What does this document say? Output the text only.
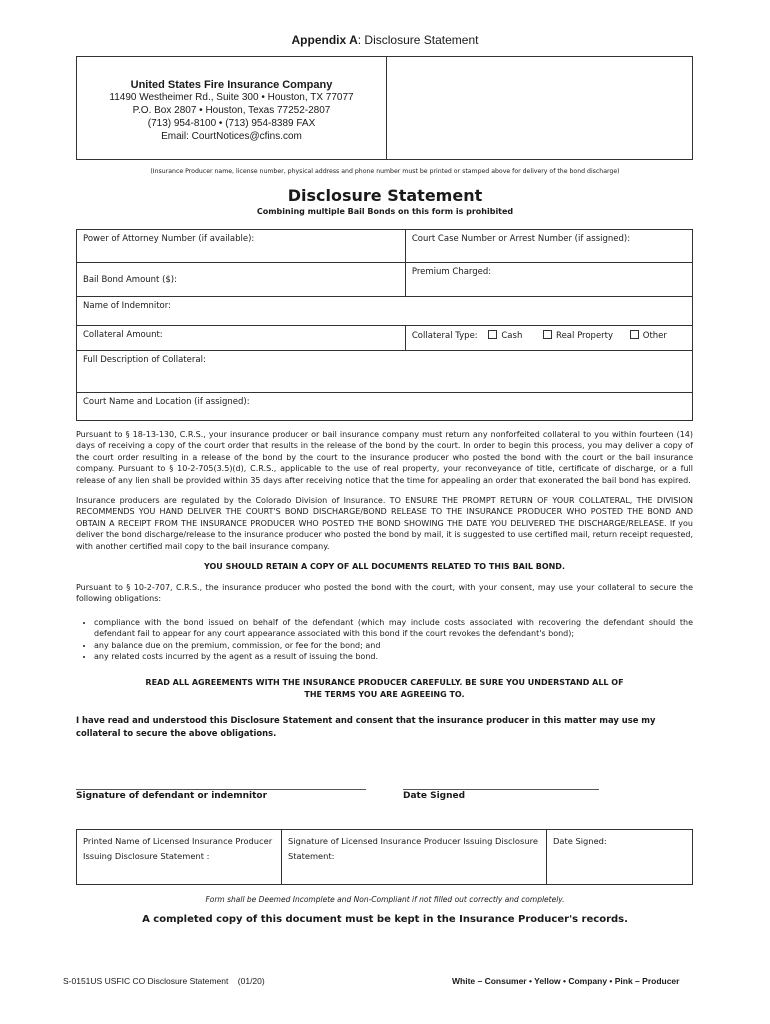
Appendix A: Disclosure Statement
United States Fire Insurance Company
11490 Westheimer Rd., Suite 300 • Houston, TX 77077
P.O. Box 2807 • Houston, Texas 77252-2807
(713) 954-8100 • (713) 954-8389 FAX
Email: CourtNotices@cfins.com
(Insurance Producer name, license number, physical address and phone number must be printed or stamped above for delivery of the bond discharge)
Disclosure Statement
Combining multiple Bail Bonds on this form is prohibited
Power of Attorney Number (if available):	Court Case Number or Arrest Number (if assigned):
Bail Bond Amount ($):	Premium Charged:
Name of Indemnitor:	
Collateral Amount:	Collateral Type: Cash Real Property Other
Full Description of Collateral:	
Court Name and Location (if assigned):	
Pursuant to § 18-13-130, C.R.S., your insurance producer or bail insurance company must return any nonforfeited collateral to you within fourteen (14) days of receiving a copy of the court order that results in the release of the bond by the court. In order to begin this process, you may deliver a copy of the court order resulting in a release of the bond by the court to the insurance producer who posted the bond with the court or the bail insurance company. Pursuant to § 10-2-705(3.5)(d), C.R.S., applicable to the use of real property, your reconveyance of title, certificate of discharge, or a full release of any lien shall be provided within 35 days after receiving notice that the time for appealing an order that exonerated the bail bond has expired.
Insurance producers are regulated by the Colorado Division of Insurance. TO ENSURE THE PROMPT RETURN OF YOUR COLLATERAL, THE DIVISION RECOMMENDS YOU HAND DELIVER THE COURT'S BOND DISCHARGE/BOND RELEASE TO THE INSURANCE PRODUCER WHO POSTED THE BOND AND OBTAIN A RECEIPT FROM THE INSURANCE PRODUCER WHO POSTED THE BOND SHOWING THE DATE YOU DELIVERED THE DISCHARGE/RELEASE. If you deliver the bond discharge/release to the insurance producer who posted the bond by mail, it is suggested to use certified mail, return receipt requested, with another certified mail copy to the bail insurance company.
YOU SHOULD RETAIN A COPY OF ALL DOCUMENTS RELATED TO THIS BAIL BOND.
Pursuant to § 10-2-707, C.R.S., the insurance producer who posted the bond with the court, with your consent, may use your collateral to secure the following obligations:
• compliance with the bond issued on behalf of the defendant (which may include costs associated with recovering the defendant should the defendant fail to appear for any court appearance associated with this bond if the court revokes the defendant's bond);
• any balance due on the premium, commission, or fee for the bond; and
• any related costs incurred by the agent as a result of issuing the bond.
READ ALL AGREEMENTS WITH THE INSURANCE PRODUCER CAREFULLY. BE SURE YOU UNDERSTAND ALL OF
THE TERMS YOU ARE AGREEING TO.
I have read and understood this Disclosure Statement and consent that the insurance producer in this matter may use my collateral to secure the above obligations.
Signature of defendant or indemnitor	Date Signed
Printed Name of Licensed Insurance Producer Issuing Disclosure Statement :	Signature of Licensed Insurance Producer Issuing Disclosure Statement:	Date Signed:
Form shall be Deemed Incomplete and Non-Compliant if not filled out correctly and completely.
A completed copy of this document must be kept in the Insurance Producer's records.
S-0151US USFIC CO Disclosure Statement    (01/20)	White – Consumer • Yellow • Company • Pink – Producer
